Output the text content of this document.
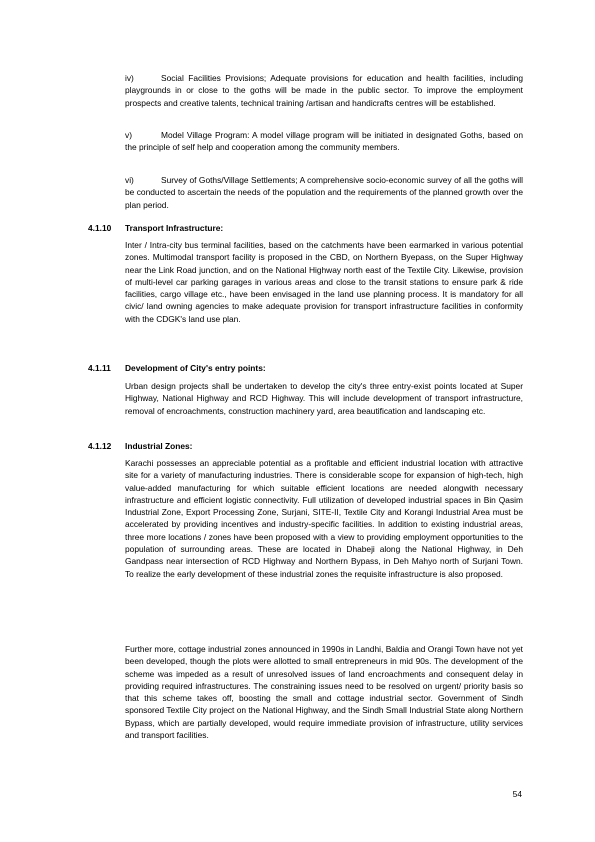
iv)	Social Facilities Provisions; Adequate provisions for education and health facilities, including playgrounds in or close to the goths will be made in the public sector. To improve the employment prospects and creative talents, technical training /artisan and handicrafts centres will be established.

v)	Model Village Program: A model village program will be initiated in designated Goths, based on the principle of self help and cooperation among the community members.

vi)	Survey of Goths/Village Settlements; A comprehensive socio-economic survey of all the goths will be conducted to ascertain the needs of the population and the requirements of the planned growth over the plan period.

4.1.10 Transport Infrastructure:

Inter / Intra-city bus terminal facilities, based on the catchments have been earmarked in various potential zones. Multimodal transport facility is proposed in the CBD, on Northern Byepass, on the Super Highway near the Link Road junction, and on the National Highway north east of the Textile City. Likewise, provision of multi-level car parking garages in various areas and close to the transit stations to ensure park & ride facilities, cargo village etc., have been envisaged in the land use planning process. It is mandatory for all civic/ land owning agencies to make adequate provision for transport infrastructure facilities in conformity with the CDGK's land use plan.

4.1.11 Development of City's entry points:

Urban design projects shall be undertaken to develop the city's three entry-exist points located at Super Highway, National Highway and RCD Highway. This will include development of transport infrastructure, removal of encroachments, construction machinery yard, area beautification and landscaping etc.

4.1.12 Industrial Zones:

Karachi possesses an appreciable potential as a profitable and efficient industrial location with attractive site for a variety of manufacturing industries. There is considerable scope for expansion of high-tech, high value-added manufacturing for which suitable efficient locations are needed alongwith necessary infrastructure and efficient logistic connectivity. Full utilization of developed industrial spaces in Bin Qasim Industrial Zone, Export Processing Zone, Surjani, SITE-II, Textile City and Korangi Industrial Area must be accelerated by providing incentives and industry-specific facilities. In addition to existing industrial areas, three more locations / zones have been proposed with a view to providing employment opportunities to the population of surrounding areas. These are located in Dhabeji along the National Highway, in Deh Gandpass near intersection of RCD Highway and Northern Bypass, in Deh Mahyo north of Surjani Town. To realize the early development of these industrial zones the requisite infrastructure is also proposed.

Further more, cottage industrial zones announced in 1990s in Landhi, Baldia and Orangi Town have not yet been developed, though the plots were allotted to small entrepreneurs in mid 90s. The development of the scheme was impeded as a result of unresolved issues of land encroachments and consequent delay in providing required infrastructures. The constraining issues need to be resolved on urgent/ priority basis so that this scheme takes off, boosting the small and cottage industrial sector. Government of Sindh sponsored Textile City project on the National Highway, and the Sindh Small Industrial State along Northern Bypass, which are partially developed, would require immediate provision of infrastructure, utility services and transport facilities.

54
